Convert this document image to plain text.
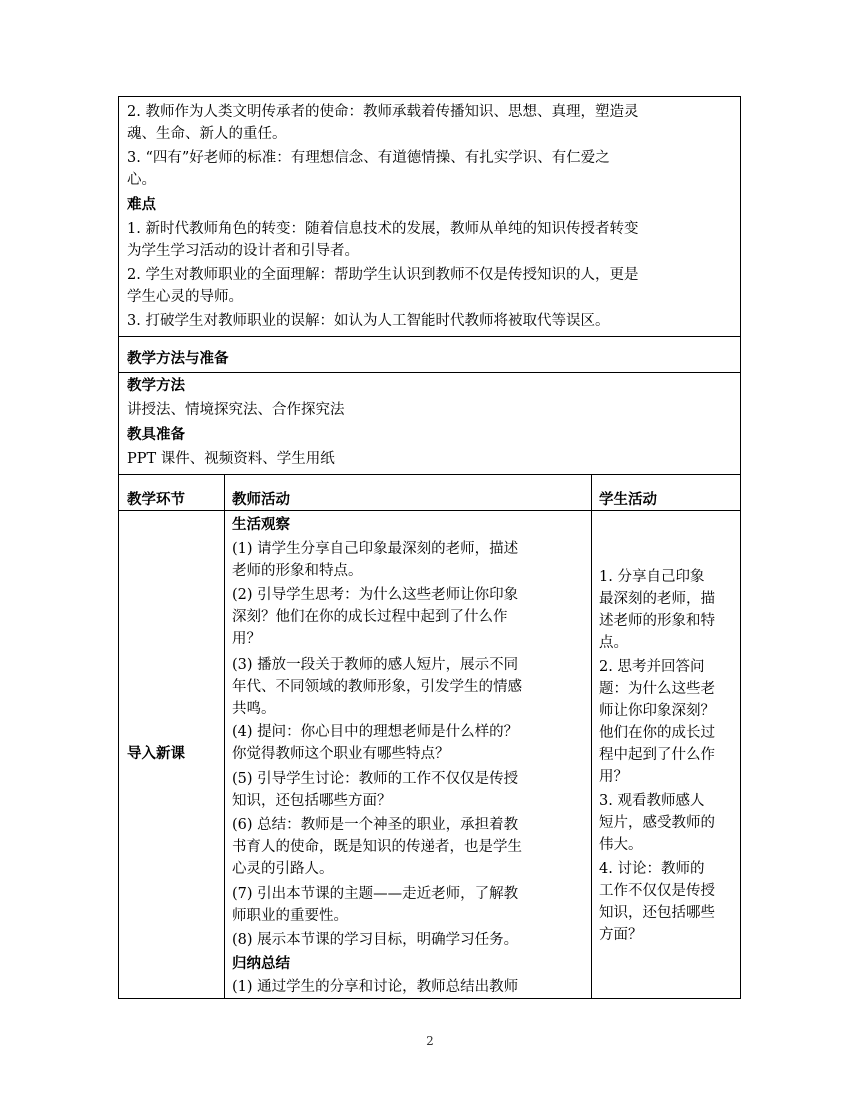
2. 教师作为人类文明传承者的使命：教师承载着传播知识、思想、真理，塑造灵
魂、生命、新人的重任。
3. “四有”好老师的标准：有理想信念、有道德情操、有扎实学识、有仁爱之
心。
难点
1. 新时代教师角色的转变：随着信息技术的发展，教师从单纯的知识传授者转变
为学生学习活动的设计者和引导者。
2. 学生对教师职业的全面理解：帮助学生认识到教师不仅是传授知识的人，更是
学生心灵的导师。
3. 打破学生对教师职业的误解：如认为人工智能时代教师将被取代等误区。
教学方法与准备
教学方法
讲授法、情境探究法、合作探究法
教具准备
PPT 课件、视频资料、学生用纸
教学环节	教师活动	学生活动
导入新课
生活观察
(1) 请学生分享自己印象最深刻的老师，描述
老师的形象和特点。
(2) 引导学生思考：为什么这些老师让你印象
深刻？他们在你的成长过程中起到了什么作
用？
(3) 播放一段关于教师的感人短片，展示不同
年代、不同领域的教师形象，引发学生的情感
共鸣。
(4) 提问：你心目中的理想老师是什么样的？
你觉得教师这个职业有哪些特点？
(5) 引导学生讨论：教师的工作不仅仅是传授
知识，还包括哪些方面？
(6) 总结：教师是一个神圣的职业，承担着教
书育人的使命，既是知识的传递者，也是学生
心灵的引路人。
(7) 引出本节课的主题——走近老师，了解教
师职业的重要性。
(8) 展示本节课的学习目标，明确学习任务。
归纳总结
(1) 通过学生的分享和讨论，教师总结出教师
1. 分享自己印象
最深刻的老师，描
述老师的形象和特
点。
2. 思考并回答问
题：为什么这些老
师让你印象深刻？
他们在你的成长过
程中起到了什么作
用？
3. 观看教师感人
短片，感受教师的
伟大。
4. 讨论：教师的
工作不仅仅是传授
知识，还包括哪些
方面？
2
